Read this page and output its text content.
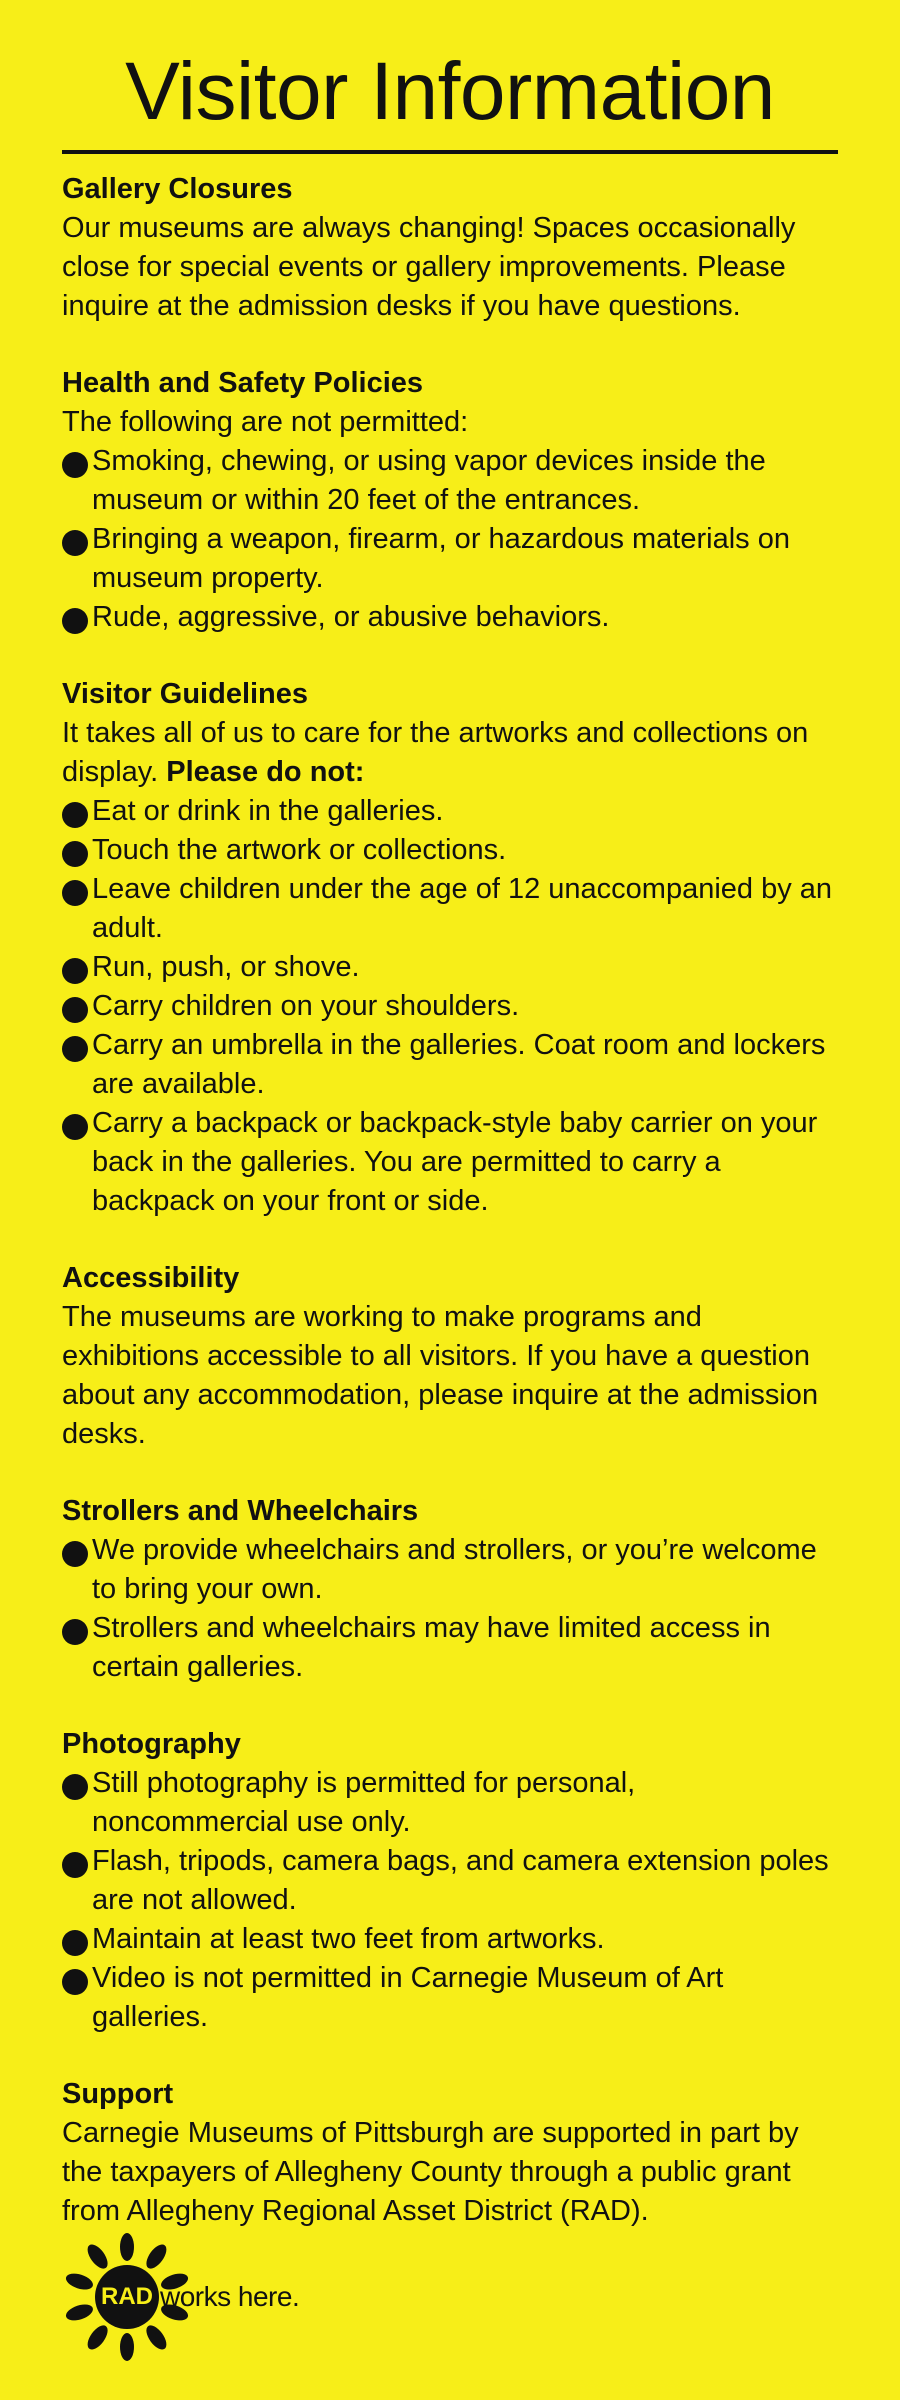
Visitor Information
Gallery Closures
Our museums are always changing! Spaces occasionally close for special events or gallery improvements. Please inquire at the admission desks if you have questions.
Health and Safety Policies
The following are not permitted:
Smoking, chewing, or using vapor devices inside the museum or within 20 feet of the entrances.
Bringing a weapon, firearm, or hazardous materials on museum property.
Rude, aggressive, or abusive behaviors.
Visitor Guidelines
It takes all of us to care for the artworks and collections on display. Please do not:
Eat or drink in the galleries.
Touch the artwork or collections.
Leave children under the age of 12 unaccompanied by an adult.
Run, push, or shove.
Carry children on your shoulders.
Carry an umbrella in the galleries. Coat room and lockers are available.
Carry a backpack or backpack-style baby carrier on your back in the galleries. You are permitted to carry a backpack on your front or side.
Accessibility
The museums are working to make programs and exhibitions accessible to all visitors. If you have a question about any accommodation, please inquire at the admission desks.
Strollers and Wheelchairs
We provide wheelchairs and strollers, or you’re welcome to bring your own.
Strollers and wheelchairs may have limited access in certain galleries.
Photography
Still photography is permitted for personal, noncommercial use only.
Flash, tripods, camera bags, and camera extension poles are not allowed.
Maintain at least two feet from artworks.
Video is not permitted in Carnegie Museum of Art galleries.
Support
Carnegie Museums of Pittsburgh are supported in part by the taxpayers of Allegheny County through a public grant from Allegheny Regional Asset District (RAD).
RAD works here.
